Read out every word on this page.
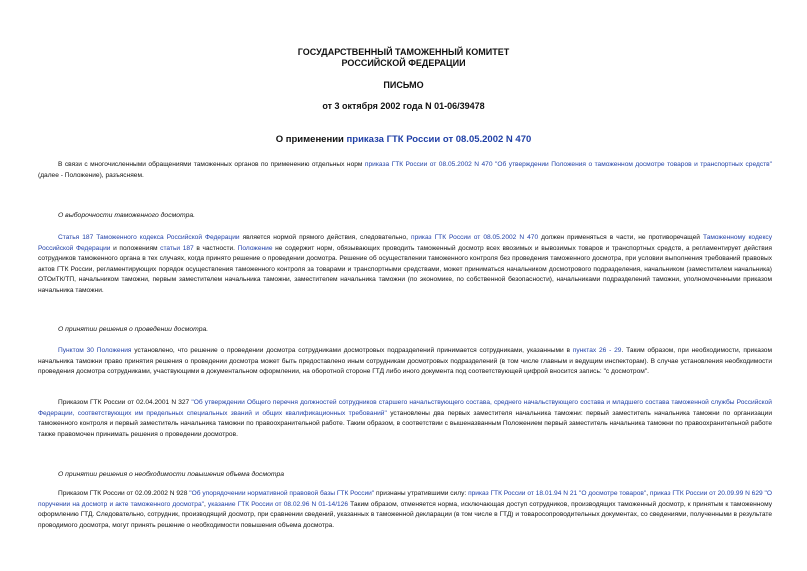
ГОСУДАРСТВЕННЫЙ ТАМОЖЕННЫЙ КОМИТЕТ
РОССИЙСКОЙ ФЕДЕРАЦИИ
ПИСЬМО
от 3 октября 2002 года N 01-06/39478
О применении приказа ГТК России от 08.05.2002 N 470

В связи с многочисленными обращениями таможенных органов по применению отдельных норм приказа ГТК России от 08.05.2002 N 470 "Об утверждении Положения о таможенном досмотре товаров и транспортных средств" (далее - Положение), разъясняем.

О выборочности таможенного досмотра.

Статья 187 Таможенного кодекса Российской Федерации является нормой прямого действия, следовательно, приказ ГТК России от 08.05.2002 N 470 должен применяться в части, не противоречащей Таможенному кодексу Российской Федерации и положениям статьи 187 в частности. Положение не содержит норм, обязывающих проводить таможенный досмотр всех ввозимых и вывозимых товаров и транспортных средств, а регламентирует действия сотрудников таможенного органа в тех случаях, когда принято решение о проведении досмотра. Решение об осуществлении таможенного контроля без проведения таможенного досмотра, при условии выполнения требований правовых актов ГТК России, регламентирующих порядок осуществления таможенного контроля за товарами и транспортными средствами, может приниматься начальником досмотрового подразделения, начальником (заместителем начальника) ОТОиТК/ТП, начальником таможни, первым заместителем начальника таможни, заместителем начальника таможни (по экономике, по собственной безопасности), начальниками подразделений таможни, уполномоченными приказом начальника таможни.

О принятии решения о проведении досмотра.

Пунктом 30 Положения установлено, что решение о проведении досмотра сотрудниками досмотровых подразделений принимается сотрудниками, указанными в пунктах 26 - 29. Таким образом, при необходимости, приказом начальника таможни право принятия решения о проведении досмотра может быть предоставлено иным сотрудникам досмотровых подразделений (в том числе главным и ведущим инспекторам). В случае установления необходимости проведения досмотра сотрудниками, участвующими в документальном оформлении, на оборотной стороне ГТД либо иного документа под соответствующей цифрой вносится запись: "с досмотром".

Приказом ГТК России от 02.04.2001 N 327 "Об утверждении Общего перечня должностей сотрудников старшего начальствующего состава, среднего начальствующего состава и младшего состава таможенной службы Российской Федерации, соответствующих им предельных специальных званий и общих квалификационных требований" установлены два первых заместителя начальника таможни: первый заместитель начальника таможни по организации таможенного контроля и первый заместитель начальника таможни по правоохранительной работе. Таким образом, в соответствии с вышеназванным Положением первый заместитель начальника таможни по правоохранительной работе также правомочен принимать решения о проведении досмотров.

О принятии решения о необходимости повышения объема досмотра

Приказом ГТК России от 02.09.2002 N 928 "Об упорядочении нормативной правовой базы ГТК России" признаны утратившими силу: приказ ГТК России от 18.01.94 N 21 "О досмотре товаров", приказ ГТК России от 20.09.99 N 629 "О поручении на досмотр и акте таможенного досмотра", указание ГТК России от 08.02.96 N 01-14/126 Таким образом, отменяется норма, исключающая доступ сотрудников, производящих таможенный досмотр, к принятым к таможенному оформлению ГТД. Следовательно, сотрудник, производящий досмотр, при сравнении сведений, указанных в таможенной декларации (в том числе в ГТД) и товаросопроводительных документах, со сведениями, полученными в результате проводимого досмотра, могут принять решение о необходимости повышения объема досмотра.
